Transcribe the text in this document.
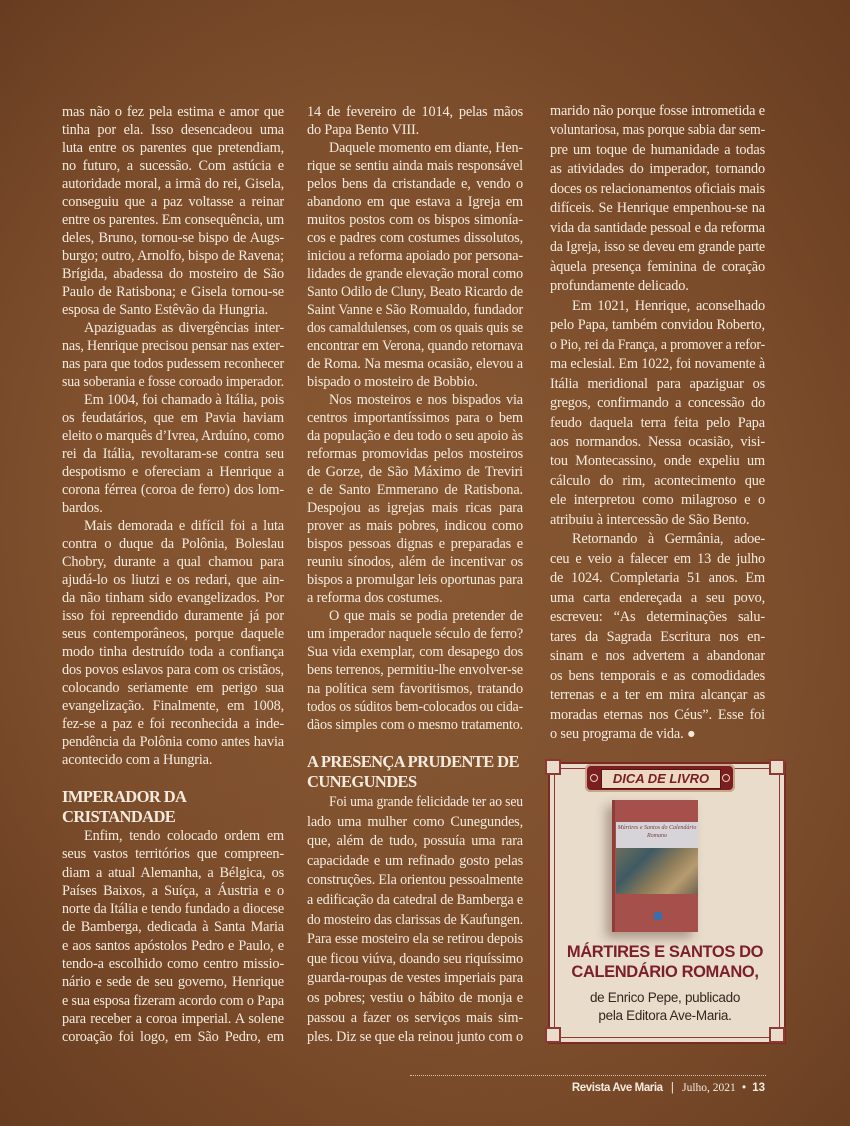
mas não o fez pela estima e amor que
tinha por ela. Isso desencadeou uma
luta entre os parentes que pretendiam,
no futuro, a sucessão. Com astúcia e
autoridade moral, a irmã do rei, Gisela,
conseguiu que a paz voltasse a reinar
entre os parentes. Em consequência, um
deles, Bruno, tornou-se bispo de Augs-
burgo; outro, Arnolfo, bispo de Ravena;
Brígida, abadessa do mosteiro de São
Paulo de Ratisbona; e Gisela tornou-se
esposa de Santo Estêvão da Hungria.
Apaziguadas as divergências inter-
nas, Henrique precisou pensar nas exter-
nas para que todos pudessem reconhecer
sua soberania e fosse coroado imperador.
Em 1004, foi chamado à Itália, pois
os feudatários, que em Pavia haviam
eleito o marquês d’Ivrea, Arduíno, como
rei da Itália, revoltaram-se contra seu
despotismo e ofereciam a Henrique a
corona férrea (coroa de ferro) dos lom-
bardos.
Mais demorada e difícil foi a luta
contra o duque da Polônia, Boleslau
Chobry, durante a qual chamou para
ajudá-lo os liutzi e os redari, que ain-
da não tinham sido evangelizados. Por
isso foi repreendido duramente já por
seus contemporâneos, porque daquele
modo tinha destruído toda a confiança
dos povos eslavos para com os cristãos,
colocando seriamente em perigo sua
evangelização. Finalmente, em 1008,
fez-se a paz e foi reconhecida a inde-
pendência da Polônia como antes havia
acontecido com a Hungria.
IMPERADOR DA
CRISTANDADE
Enfim, tendo colocado ordem em
seus vastos territórios que compreen-
diam a atual Alemanha, a Bélgica, os
Países Baixos, a Suíça, a Áustria e o
norte da Itália e tendo fundado a diocese
de Bamberga, dedicada à Santa Maria
e aos santos apóstolos Pedro e Paulo, e
tendo-a escolhido como centro missio-
nário e sede de seu governo, Henrique
e sua esposa fizeram acordo com o Papa
para receber a coroa imperial. A solene
coroação foi logo, em São Pedro, em
14 de fevereiro de 1014, pelas mãos
do Papa Bento VIII.
Daquele momento em diante, Hen-
rique se sentiu ainda mais responsável
pelos bens da cristandade e, vendo o
abandono em que estava a Igreja em
muitos postos com os bispos simonía-
cos e padres com costumes dissolutos,
iniciou a reforma apoiado por persona-
lidades de grande elevação moral como
Santo Odilo de Cluny, Beato Ricardo de
Saint Vanne e São Romualdo, fundador
dos camaldulenses, com os quais quis se
encontrar em Verona, quando retornava
de Roma. Na mesma ocasião, elevou a
bispado o mosteiro de Bobbio.
Nos mosteiros e nos bispados via
centros importantíssimos para o bem
da população e deu todo o seu apoio às
reformas promovidas pelos mosteiros
de Gorze, de São Máximo de Treviri
e de Santo Emmerano de Ratisbona.
Despojou as igrejas mais ricas para
prover as mais pobres, indicou como
bispos pessoas dignas e preparadas e
reuniu sínodos, além de incentivar os
bispos a promulgar leis oportunas para
a reforma dos costumes.
O que mais se podia pretender de
um imperador naquele século de ferro?
Sua vida exemplar, com desapego dos
bens terrenos, permitiu-lhe envolver-se
na política sem favoritismos, tratando
todos os súditos bem-colocados ou cida-
dãos simples com o mesmo tratamento.
A PRESENÇA PRUDENTE DE
CUNEGUNDES
Foi uma grande felicidade ter ao seu
lado uma mulher como Cunegundes,
que, além de tudo, possuía uma rara
capacidade e um refinado gosto pelas
construções. Ela orientou pessoalmente
a edificação da catedral de Bamberga e
do mosteiro das clarissas de Kaufungen.
Para esse mosteiro ela se retirou depois
que ficou viúva, doando seu riquíssimo
guarda-roupas de vestes imperiais para
os pobres; vestiu o hábito de monja e
passou a fazer os serviços mais sim-
ples. Diz se que ela reinou junto com o
marido não porque fosse intrometida e
voluntariosa, mas porque sabia dar sem-
pre um toque de humanidade a todas
as atividades do imperador, tornando
doces os relacionamentos oficiais mais
difíceis. Se Henrique empenhou-se na
vida da santidade pessoal e da reforma
da Igreja, isso se deveu em grande parte
àquela presença feminina de coração
profundamente delicado.
Em 1021, Henrique, aconselhado
pelo Papa, também convidou Roberto,
o Pio, rei da França, a promover a refor-
ma eclesial. Em 1022, foi novamente à
Itália meridional para apaziguar os
gregos, confirmando a concessão do
feudo daquela terra feita pelo Papa
aos normandos. Nessa ocasião, visi-
tou Montecassino, onde expeliu um
cálculo do rim, acontecimento que
ele interpretou como milagroso e o
atribuiu à intercessão de São Bento.
Retornando à Germânia, adoe-
ceu e veio a falecer em 13 de julho
de 1024. Completaria 51 anos. Em
uma carta endereçada a seu povo,
escreveu: “As determinações salu-
tares da Sagrada Escritura nos en-
sinam e nos advertem a abandonar
os bens temporais e as comodidades
terrenas e a ter em mira alcançar as
moradas eternas nos Céus”. Esse foi
o seu programa de vida. ●
DICA DE LIVRO
Mártires e Santos do Calendário Romano
MÁRTIRES E SANTOS DO
CALENDÁRIO ROMANO,
de Enrico Pepe, publicado
pela Editora Ave-Maria.
Revista Ave Maria | Julho, 2021 • 13
